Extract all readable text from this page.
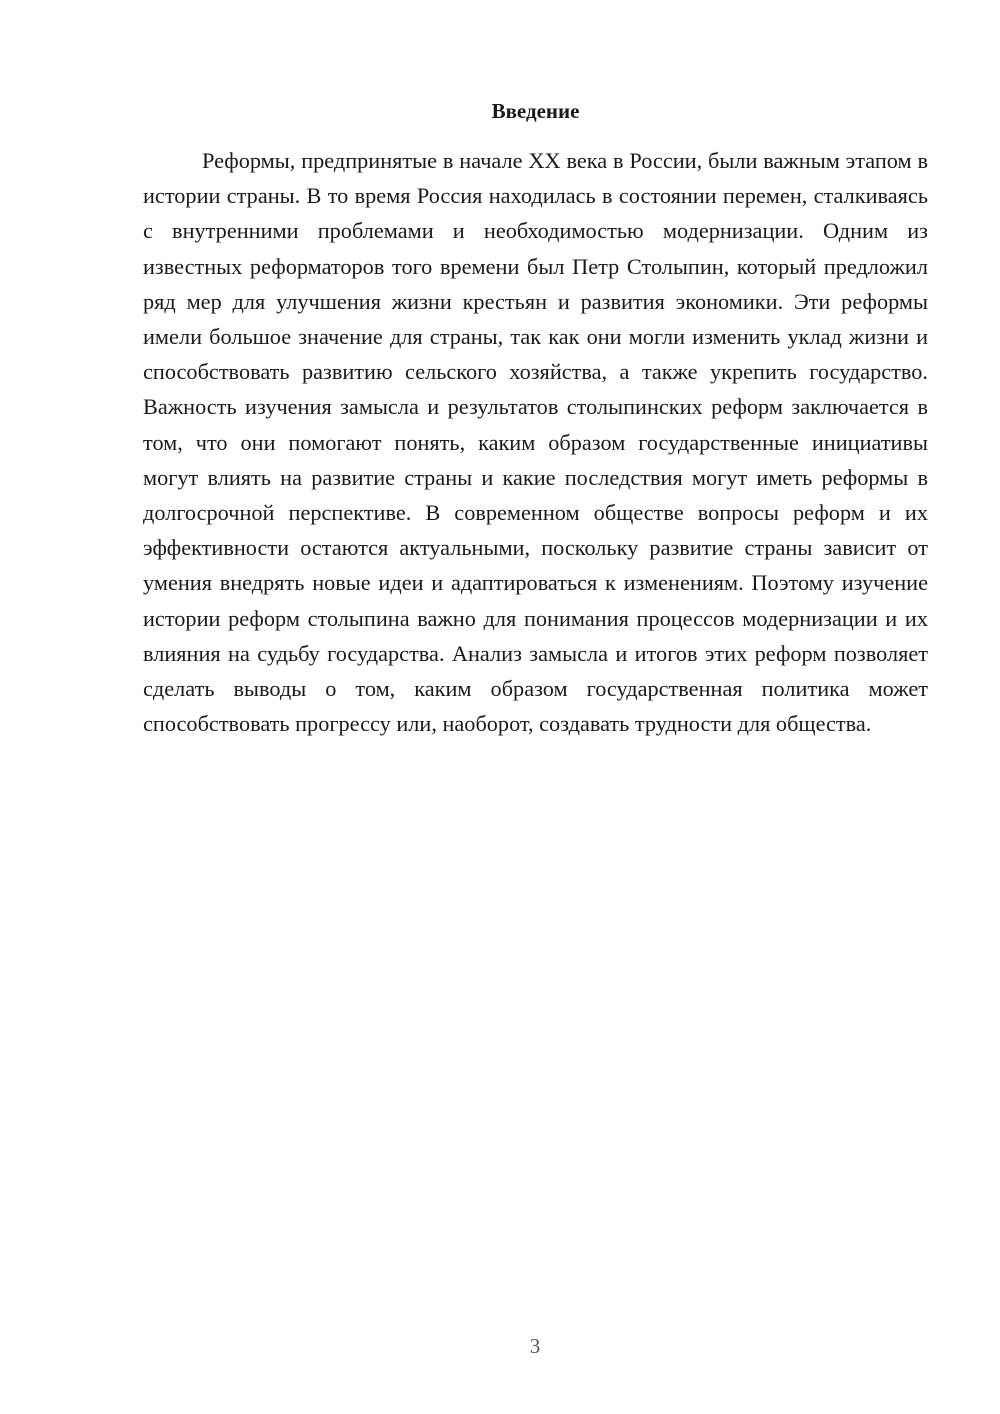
Введение

Реформы, предпринятые в начале XX века в России, были важным этапом в истории страны. В то время Россия находилась в состоянии перемен, сталкиваясь с внутренними проблемами и необходимостью модернизации. Одним из известных реформаторов того времени был Петр Столыпин, который предложил ряд мер для улучшения жизни крестьян и развития экономики. Эти реформы имели большое значение для страны, так как они могли изменить уклад жизни и способствовать развитию сельского хозяйства, а также укрепить государство. Важность изучения замысла и результатов столыпинских реформ заключается в том, что они помогают понять, каким образом государственные инициативы могут влиять на развитие страны и какие последствия могут иметь реформы в долгосрочной перспективе. В современном обществе вопросы реформ и их эффективности остаются актуальными, поскольку развитие страны зависит от умения внедрять новые идеи и адаптироваться к изменениям. Поэтому изучение истории реформ столыпина важно для понимания процессов модернизации и их влияния на судьбу государства. Анализ замысла и итогов этих реформ позволяет сделать выводы о том, каким образом государственная политика может способствовать прогрессу или, наоборот, создавать трудности для общества.

3
